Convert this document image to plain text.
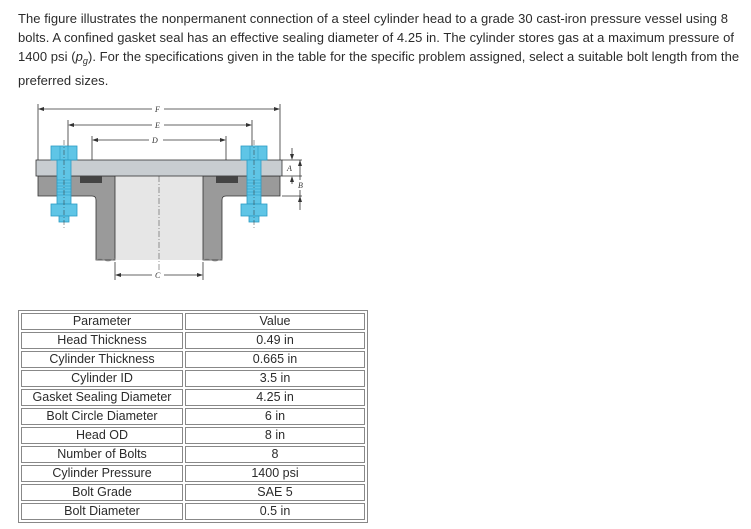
The figure illustrates the nonpermanent connection of a steel cylinder head to a grade 30 cast-iron pressure vessel using 8 bolts. A confined gasket seal has an effective sealing diameter of 4.25 in. The cylinder stores gas at a maximum pressure of 1400 psi $(p_g)$. For the specifications given in the table for the specific problem assigned, select a suitable bolt length from the preferred sizes.

F
E
D
A
B
C
Parameter	Value
Head Thickness	0.49 in
Cylinder Thickness	0.665 in
Cylinder ID	3.5 in
Gasket Sealing Diameter	4.25 in
Bolt Circle Diameter	6 in
Head OD	8 in
Number of Bolts	8
Cylinder Pressure	1400 psi
Bolt Grade	SAE 5
Bolt Diameter	0.5 in
